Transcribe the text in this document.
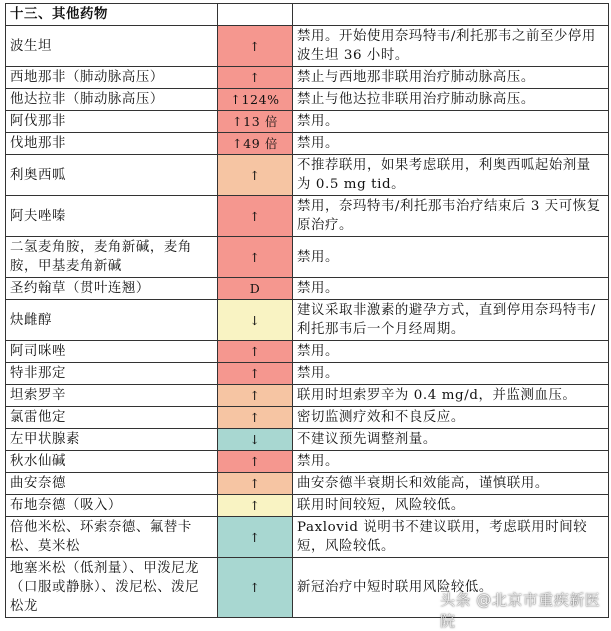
十三、其他药物		
波生坦	↑	禁用。开始使用奈玛特韦/利托那韦之前至少停用波生坦 36 小时。
西地那非（肺动脉高压）	↑	禁止与西地那非联用治疗肺动脉高压。
他达拉非（肺动脉高压）	↑124%	禁止与他达拉非联用治疗肺动脉高压。
阿伐那非	↑13 倍	禁用。
伐地那非	↑49 倍	禁用。
利奥西呱	↑	不推荐联用，如果考虑联用，利奥西呱起始剂量为 0.5 mg tid。
阿夫唑嗪	↑	禁用，奈玛特韦/利托那韦治疗结束后 3 天可恢复原治疗。
二氢麦角胺，麦角新碱，麦角胺，甲基麦角新碱	↑	禁用。
圣约翰草（贯叶连翘）	D	禁用。
炔雌醇	↓	建议采取非激素的避孕方式，直到停用奈玛特韦/利托那韦后一个月经周期。
阿司咪唑	↑	禁用。
特非那定	↑	禁用。
坦索罗辛	↑	联用时坦索罗辛为 0.4 mg/d，并监测血压。
氯雷他定	↑	密切监测疗效和不良反应。
左甲状腺素	↓	不建议预先调整剂量。
秋水仙碱	↑	禁用。
曲安奈德	↑	曲安奈德半衰期长和效能高，谨慎联用。
布地奈德（吸入）	↑	联用时间较短，风险较低。
倍他米松、环索奈德、氟替卡松、莫米松	↑	Paxlovid 说明书不建议联用，考虑联用时间较短，风险较低。
地塞米松（低剂量）、甲泼尼龙（口服或静脉）、泼尼松、泼尼松龙	↑	新冠治疗中短时联用风险较低。
头条 @北京市重疾新医院
